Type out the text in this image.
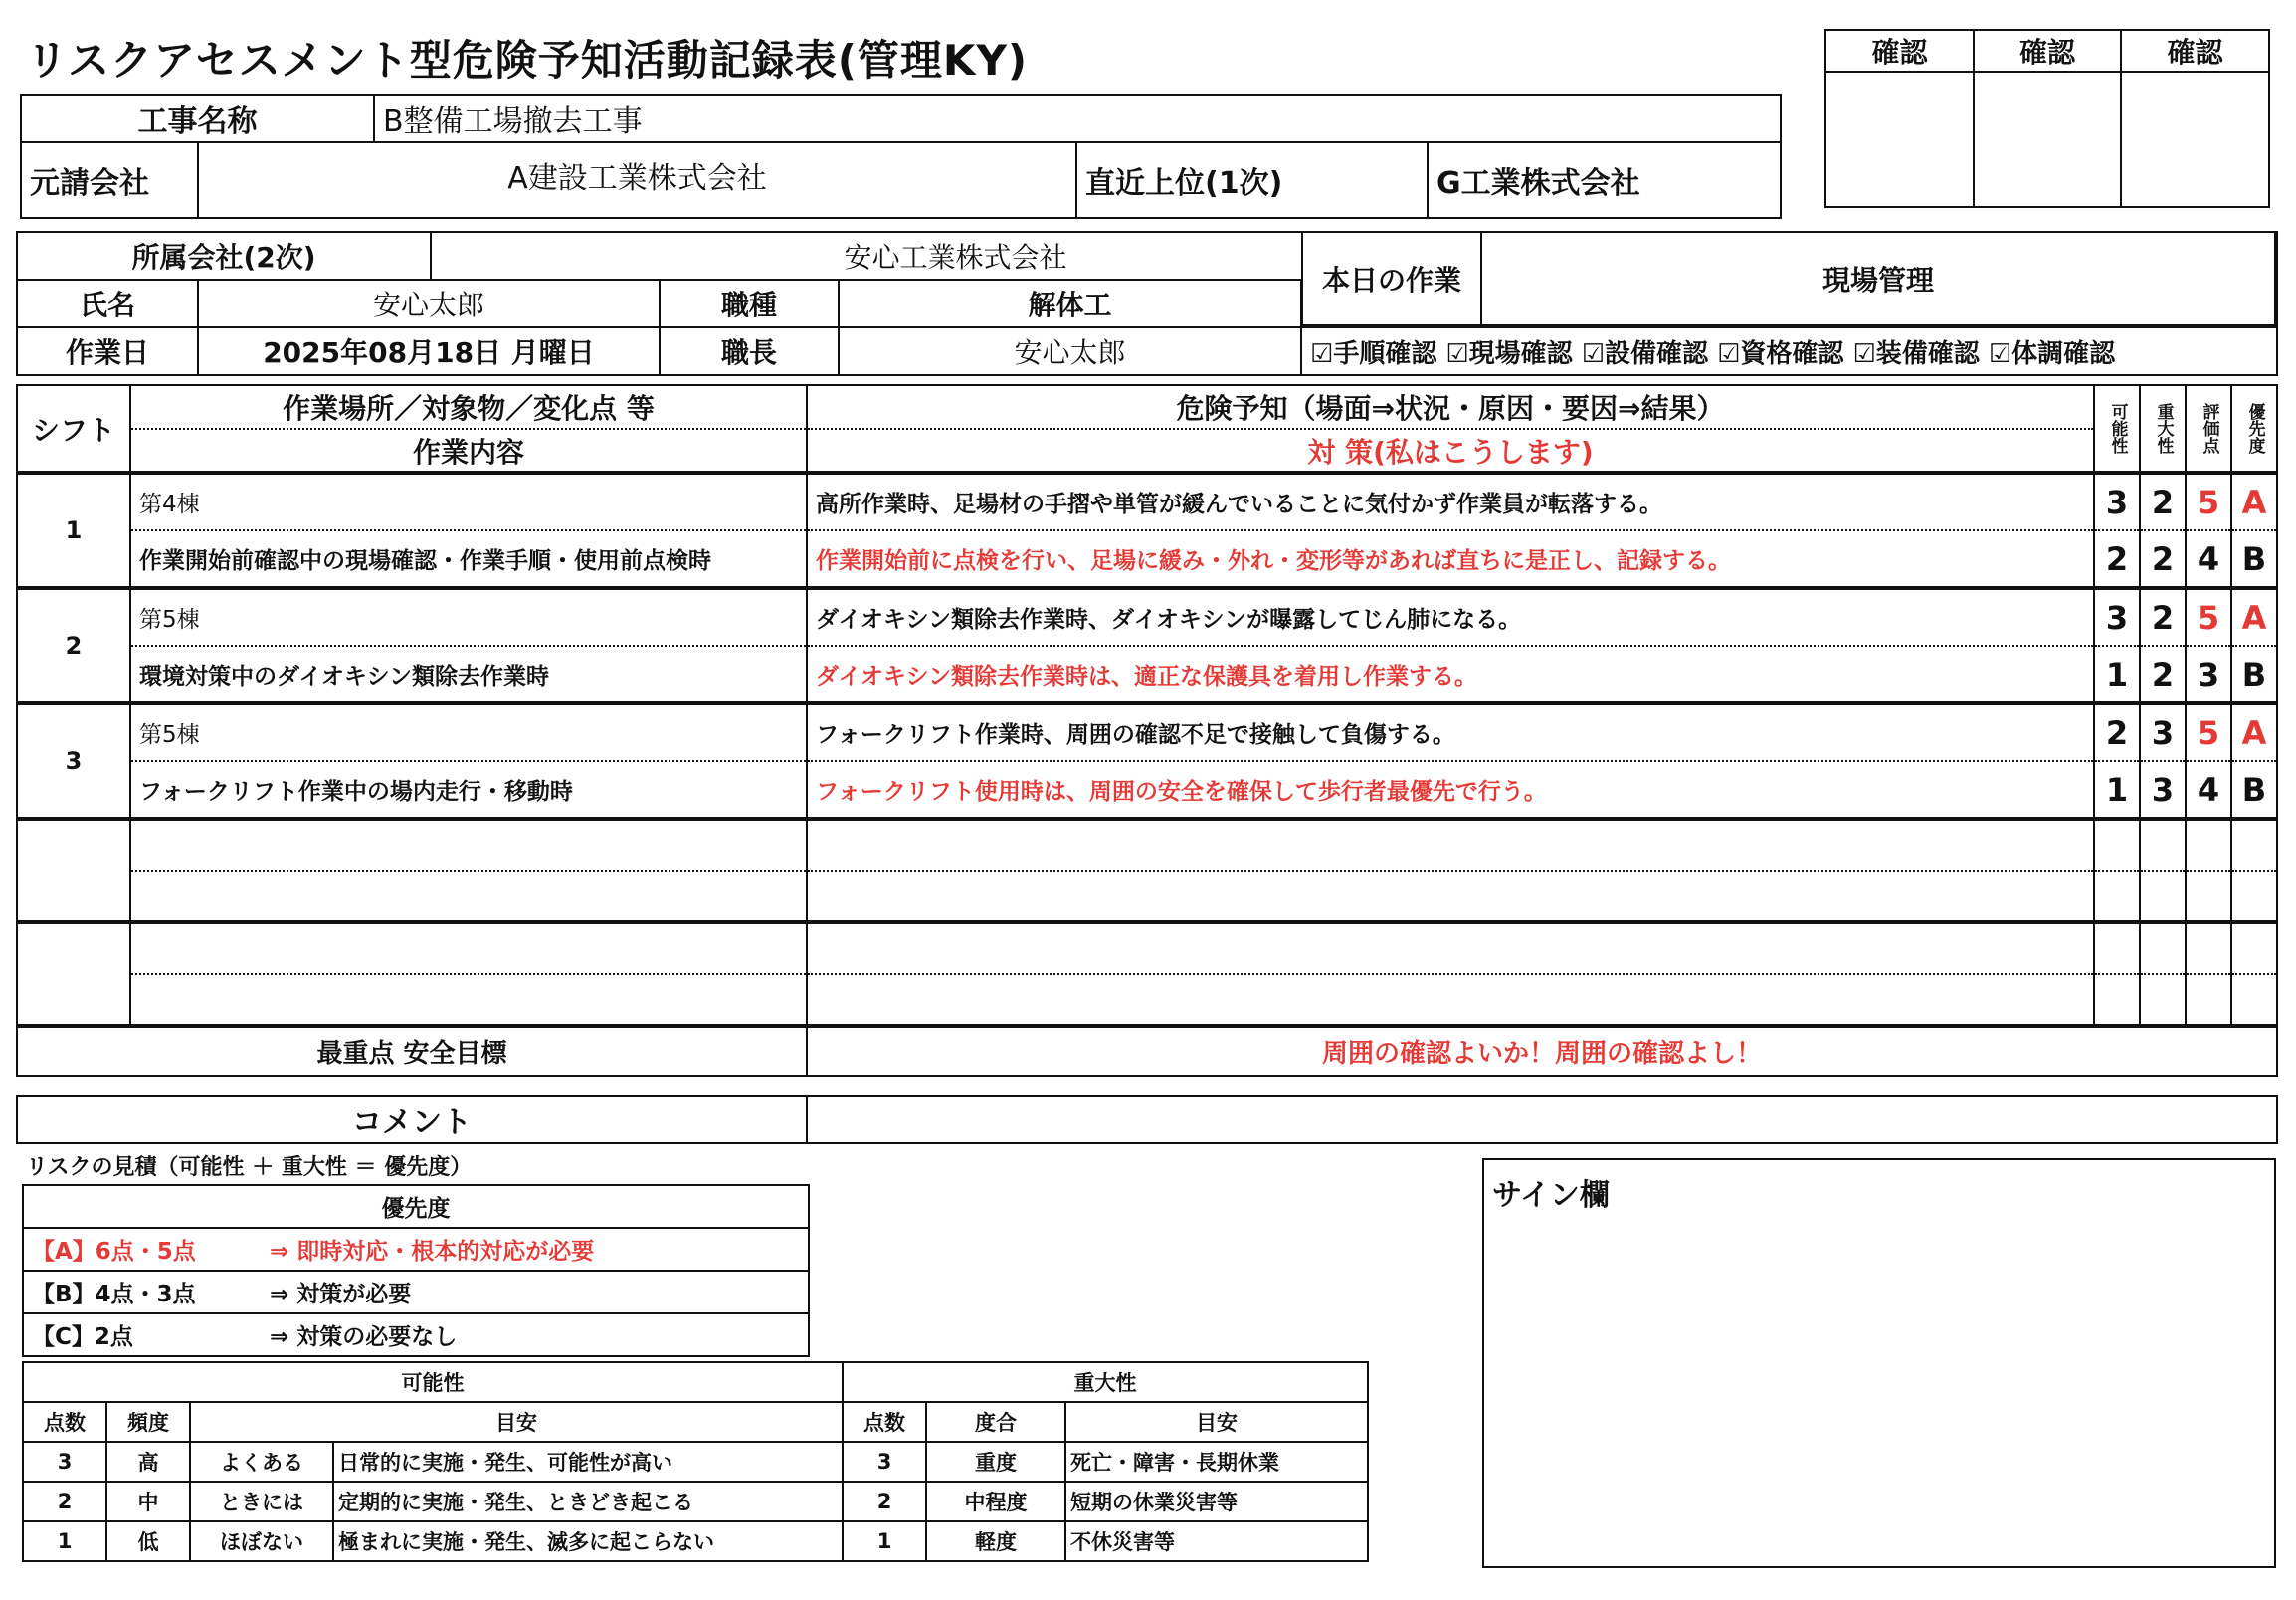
リスクアセスメント型危険予知活動記録表(管理KY)	確認	確認	確認

工事名称		B整備工場撤去工事		
元請会社	A建設工業株式会社		直近上位(1次)	G工業株式会社
所属会社(2次)		安心工業株式会社				

氏名	安心太郎		職種	解体工		
作業日	2025年08月18日 月曜日		職長	安心太郎	☑手順確認 ☑現場確認 ☑設備確認 ☑資格確認 ☑装備確認 ☑体調確認	
本日の作業	現場管理
シフト	作業場所／対象物／変化点 等	危険予知（場面⇒状況・原因・要因⇒結果）	可能性	重大性	評価点	優先度
	作業内容	対 策(私はこうします)				
1	第4棟	高所作業時、足場材の手摺や単管が緩んでいることに気付かず作業員が転落する。	3	2	5	A
	作業開始前確認中の現場確認・作業手順・使用前点検時	作業開始前に点検を行い、足場に緩み・外れ・変形等があれば直ちに是正し、記録する。	2	2	4	B
2	第5棟	ダイオキシン類除去作業時、ダイオキシンが曝露してじん肺になる。	3	2	5	A
	環境対策中のダイオキシン類除去作業時	ダイオキシン類除去作業時は、適正な保護具を着用し作業する。	1	2	3	B
3	第5棟	フォークリフト作業時、周囲の確認不足で接触して負傷する。	2	3	5	A
	フォークリフト作業中の場内走行・移動時	フォークリフト使用時は、周囲の安全を確保して歩行者最優先で行う。	1	3	4	B

最重点 安全目標		周囲の確認よいか！周囲の確認よし！				
コメント	
リスクの見積（可能性 ＋ 重大性 ＝ 優先度）
優先度	
【A】6点・5点	⇒ 即時対応・根本的対応が必要
【B】4点・3点	⇒ 対策が必要
【C】2点	⇒ 対策の必要なし
可能性				重大性		
点数	頻度	目安		点数	度合	目安
3	高	よくある	日常的に実施・発生、可能性が高い	3	重度	死亡・障害・長期休業
2	中	ときには	定期的に実施・発生、ときどき起こる	2	中程度	短期の休業災害等
1	低	ほぼない	極まれに実施・発生、滅多に起こらない	1	軽度	不休災害等
サイン欄
